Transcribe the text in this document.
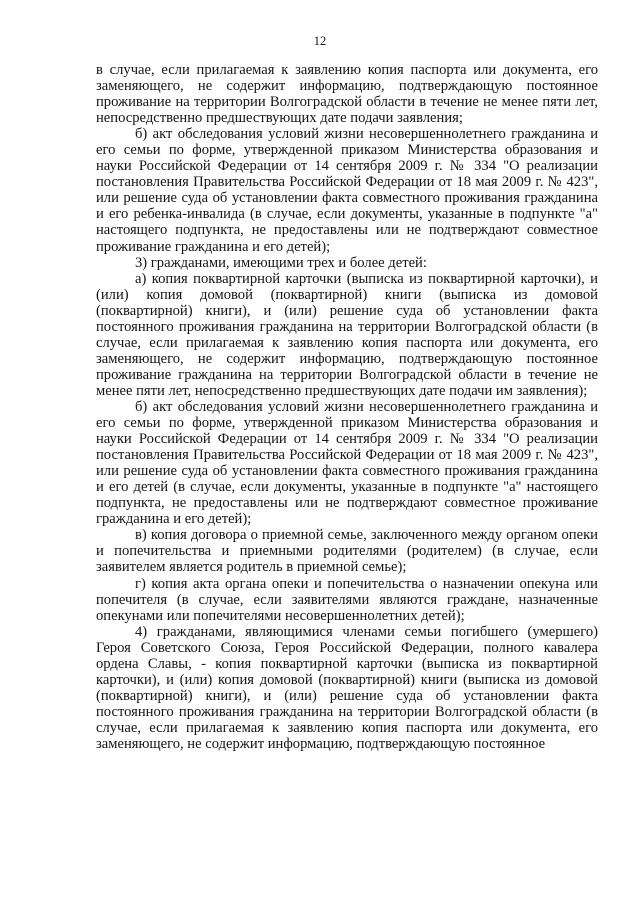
12

в случае, если прилагаемая к заявлению копия паспорта или документа, его заменяющего, не содержит информацию, подтверждающую постоянное проживание на территории Волгоградской области в течение не менее пяти лет, непосредственно предшествующих дате подачи заявления;

б) акт обследования условий жизни несовершеннолетнего гражданина и его семьи по форме, утвержденной приказом Министерства образования и науки Российской Федерации от 14 сентября 2009 г. № 334 "О реализации постановления Правительства Российской Федерации от 18 мая 2009 г. № 423", или решение суда об установлении факта совместного проживания гражданина и его ребенка-инвалида (в случае, если документы, указанные в подпункте "а" настоящего подпункта, не предоставлены или не подтверждают совместное проживание гражданина и его детей);

3) гражданами, имеющими трех и более детей:

а) копия поквартирной карточки (выписка из поквартирной карточки), и (или) копия домовой (поквартирной) книги (выписка из домовой (поквартирной) книги), и (или) решение суда об установлении факта постоянного проживания гражданина на территории Волгоградской области (в случае, если прилагаемая к заявлению копия паспорта или документа, его заменяющего, не содержит информацию, подтверждающую постоянное проживание гражданина на территории Волгоградской области в течение не менее пяти лет, непосредственно предшествующих дате подачи им заявления);

б) акт обследования условий жизни несовершеннолетнего гражданина и его семьи по форме, утвержденной приказом Министерства образования и науки Российской Федерации от 14 сентября 2009 г. № 334 "О реализации постановления Правительства Российской Федерации от 18 мая 2009 г. № 423", или решение суда об установлении факта совместного проживания гражданина и его детей (в случае, если документы, указанные в подпункте "а" настоящего подпункта, не предоставлены или не подтверждают совместное проживание гражданина и его детей);

в) копия договора о приемной семье, заключенного между органом опеки и попечительства и приемными родителями (родителем) (в случае, если заявителем является родитель в приемной семье);

г) копия акта органа опеки и попечительства о назначении опекуна или попечителя (в случае, если заявителями являются граждане, назначенные опекунами или попечителями несовершеннолетних детей);

4) гражданами, являющимися членами семьи погибшего (умершего) Героя Советского Союза, Героя Российской Федерации, полного кавалера ордена Славы, - копия поквартирной карточки (выписка из поквартирной карточки), и (или) копия домовой (поквартирной) книги (выписка из домовой (поквартирной) книги), и (или) решение суда об установлении факта постоянного проживания гражданина на территории Волгоградской области (в случае, если прилагаемая к заявлению копия паспорта или документа, его заменяющего, не содержит информацию, подтверждающую постоянное
